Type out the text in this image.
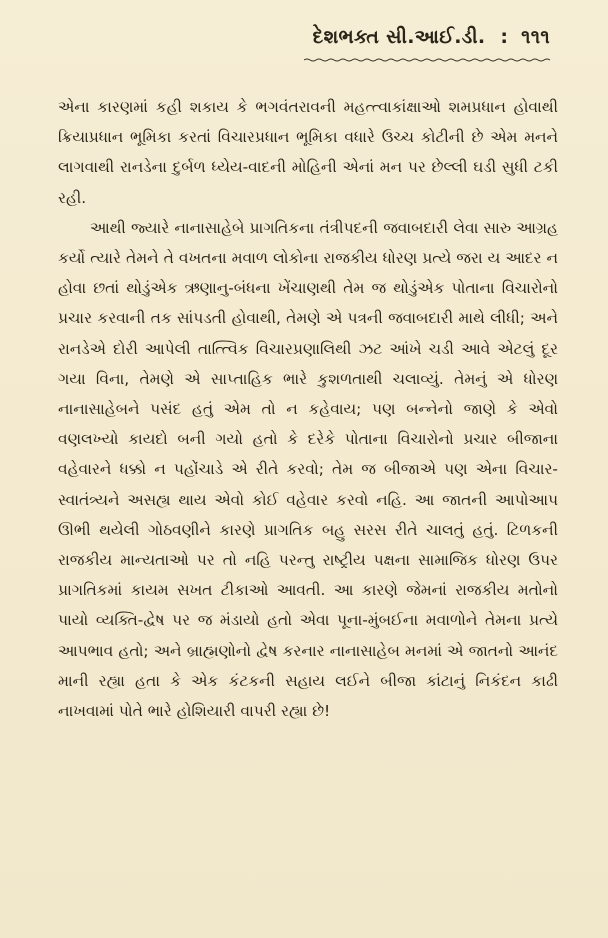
દેશભક્ત સી.આઈ.ડી. : ૧૧૧

એના કારણમાં કહી શકાય કે ભગવંતરાવની મહત્ત્વાકાંક્ષાઓ શમપ્રધાન હોવાથી ક્રિયાપ્રધાન ભૂમિકા કરતાં વિચારપ્રધાન ભૂમિકા વધારે ઉચ્ચ કોટીની છે એમ મનને લાગવાથી રાનડેના દુર્બળ ધ્યેય-વાદની મોહિની એનાં મન પર છેલ્લી ઘડી સુધી ટકી રહી.

આથી જ્યારે નાનાસાહેબે પ્રાગતિકના તંત્રીપદની જવાબદારી લેવા સારુ આગ્રહ કર્યો ત્યારે તેમને તે વખતના મવાળ લોકોના રાજકીય ધોરણ પ્રત્યે જરા ય આદર ન હોવા છતાં થોડુંએક ઋણાનુ-બંધના ખેંચાણથી તેમ જ થોડુંએક પોતાના વિચારોનો પ્રચાર કરવાની તક સાંપડતી હોવાથી, તેમણે એ પત્રની જવાબદારી માથે લીધી; અને રાનડેએ દોરી આપેલી તાત્ત્વિક વિચારપ્રણાલિથી ઝટ આંખે ચડી આવે એટલું દૂર ગયા વિના, તેમણે એ સાપ્તાહિક ભારે કુશળતાથી ચલાવ્યું. તેમનું એ ધોરણ નાનાસાહેબને પસંદ હતું એમ તો ન કહેવાય; પણ બન્નેનો જાણે કે એવો વણલખ્યો કાયદો બની ગયો હતો કે દરેકે પોતાના વિચારોનો પ્રચાર બીજાના વહેવારને ધક્કો ન પહોંચાડે એ રીતે કરવો; તેમ જ બીજાએ પણ એના વિચાર-સ્વાતંત્ર્યને અસહ્ય થાય એવો કોઈ વહેવાર કરવો નહિ. આ જાતની આપોઆપ ઊભી થયેલી ગોઠવણીને કારણે પ્રાગતિક બહુ સરસ રીતે ચાલતું હતું. ટિળકની રાજકીય માન્યતાઓ પર તો નહિ પરન્તુ રાષ્ટ્રીય પક્ષના સામાજિક ધોરણ ઉપર પ્રાગતિકમાં કાયમ સખત ટીકાઓ આવતી. આ કારણે જેમનાં રાજકીય મતોનો પાયો વ્યક્તિ-દ્વેષ પર જ મંડાયો હતો એવા પૂના-મુંબઈના મવાળોને તેમના પ્રત્યે આપભાવ હતો; અને બ્રાહ્મણોનો દ્વેષ કરનાર નાનાસાહેબ મનમાં એ જાતનો આનંદ માની રહ્યા હતા કે એક કંટકની સહાય લઈને બીજા કાંટાનું નિકંદન કાઢી નાખવામાં પોતે ભારે હોશિયારી વાપરી રહ્યા છે!
